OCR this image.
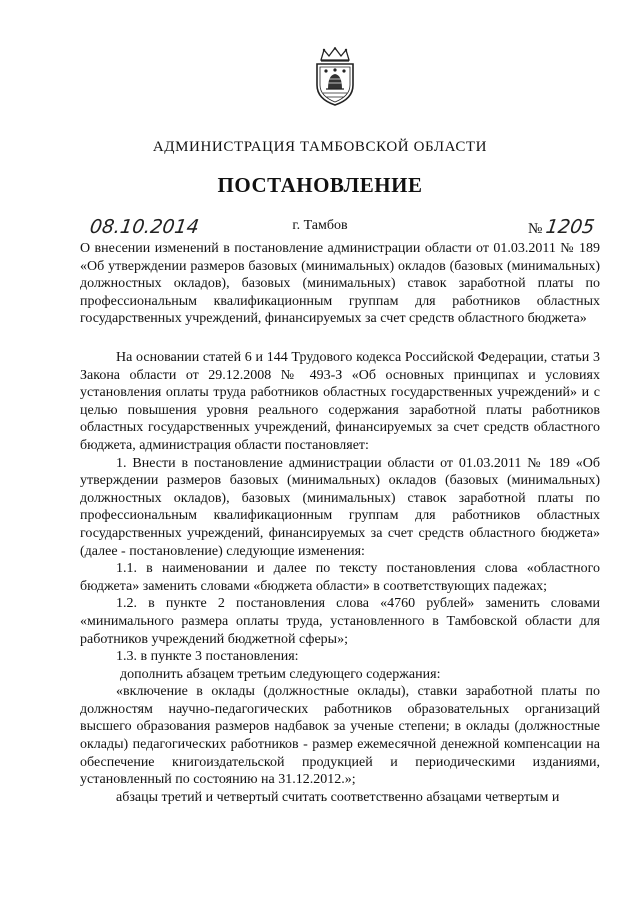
АДМИНИСТРАЦИЯ ТАМБОВСКОЙ ОБЛАСТИ
ПОСТАНОВЛЕНИЕ
08.10.2014	г. Тамбов	№ 1205
О внесении изменений в постановление администрации области от 01.03.2011 № 189 «Об утверждении размеров базовых (минимальных) окладов (базовых (минимальных) должностных окладов), базовых (минимальных) ставок заработной платы по профессиональным квалификационным группам для работников областных государственных учреждений, финансируемых за счет средств областного бюджета»

На основании статей 6 и 144 Трудового кодекса Российской Федерации, статьи 3 Закона области от 29.12.2008 № 493-З «Об основных принципах и условиях установления оплаты труда работников областных государственных учреждений» и с целью повышения уровня реального содержания заработной платы работников областных государственных учреждений, финансируемых за счет средств областного бюджета, администрация области постановляет:

1. Внести в постановление администрации области от 01.03.2011 № 189 «Об утверждении размеров базовых (минимальных) окладов (базовых (минимальных) должностных окладов), базовых (минимальных) ставок заработной платы по профессиональным квалификационным группам для работников областных государственных учреждений, финансируемых за счет средств областного бюджета» (далее - постановление) следующие изменения:

1.1. в наименовании и далее по тексту постановления слова «областного бюджета» заменить словами «бюджета области» в соответствующих падежах;

1.2. в пункте 2 постановления слова «4760 рублей» заменить словами «минимального размера оплаты труда, установленного в Тамбовской области для работников учреждений бюджетной сферы»;

1.3. в пункте 3 постановления:

дополнить абзацем третьим следующего содержания:

«включение в оклады (должностные оклады), ставки заработной платы по должностям научно-педагогических работников образовательных организаций высшего образования размеров надбавок за ученые степени; в оклады (должностные оклады) педагогических работников - размер ежемесячной денежной компенсации на обеспечение книгоиздательской продукцией и периодическими изданиями, установленный по состоянию на 31.12.2012.»;

абзацы третий и четвертый считать соответственно абзацами четвертым и
